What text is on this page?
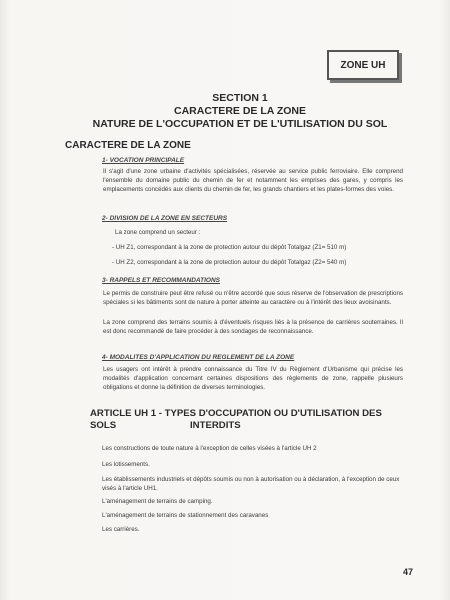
ZONE UH
SECTION 1
CARACTERE DE LA ZONE
NATURE DE L'OCCUPATION ET DE L'UTILISATION DU SOL
CARACTERE DE LA ZONE
1- VOCATION PRINCIPALE
Il s'agit d'une zone urbaine d'activités spécialisées, réservée au service public ferroviaire. Elle comprend l'ensemble du domaine public du chemin de fer et notamment les emprises des gares, y compris les emplacements concédés aux clients du chemin de fer, les grands chantiers et les plates-formes des voies.
2- DIVISION DE LA ZONE EN SECTEURS
La zone comprend un secteur :
- UH Z1, correspondant à la zone de protection autour du dépôt Totalgaz (Z1= 510 m)
- UH Z2, correspondant à la zone de protection autour du dépôt Totalgaz (Z2= 540 m)
3- RAPPELS ET RECOMMANDATIONS
Le permis de construire peut être refusé ou n'être accordé que sous réserve de l'observation de prescriptions spéciales si les bâtiments sont de nature à porter atteinte au caractère ou à l'intérêt des lieux avoisinants.
La zone comprend des terrains soumis à d'éventuels risques liés à la présence de carrières souterraines. Il est donc recommandé de faire procéder à des sondages de reconnaissance.
4- MODALITES D'APPLICATION DU REGLEMENT DE LA ZONE
Les usagers ont intérêt à prendre connaissance du Titre IV du Règlement d'Urbanisme qui précise les modalités d'application concernant certaines dispositions des règlements de zone, rappelle plusieurs obligations et donne la définition de diverses terminologies.
ARTICLE UH 1 - TYPES D'OCCUPATION OU D'UTILISATION DES SOLS	INTERDITS
Les constructions de toute nature à l'exception de celles visées à l'article UH 2
Les lotissements.
Les établissements industriels et dépôts soumis ou non à autorisation ou à déclaration, à l'exception de ceux visés à l'article UH1.
L'aménagement de terrains de camping.
L'aménagement de terrains de stationnement des caravanes
Les carrières.
47
